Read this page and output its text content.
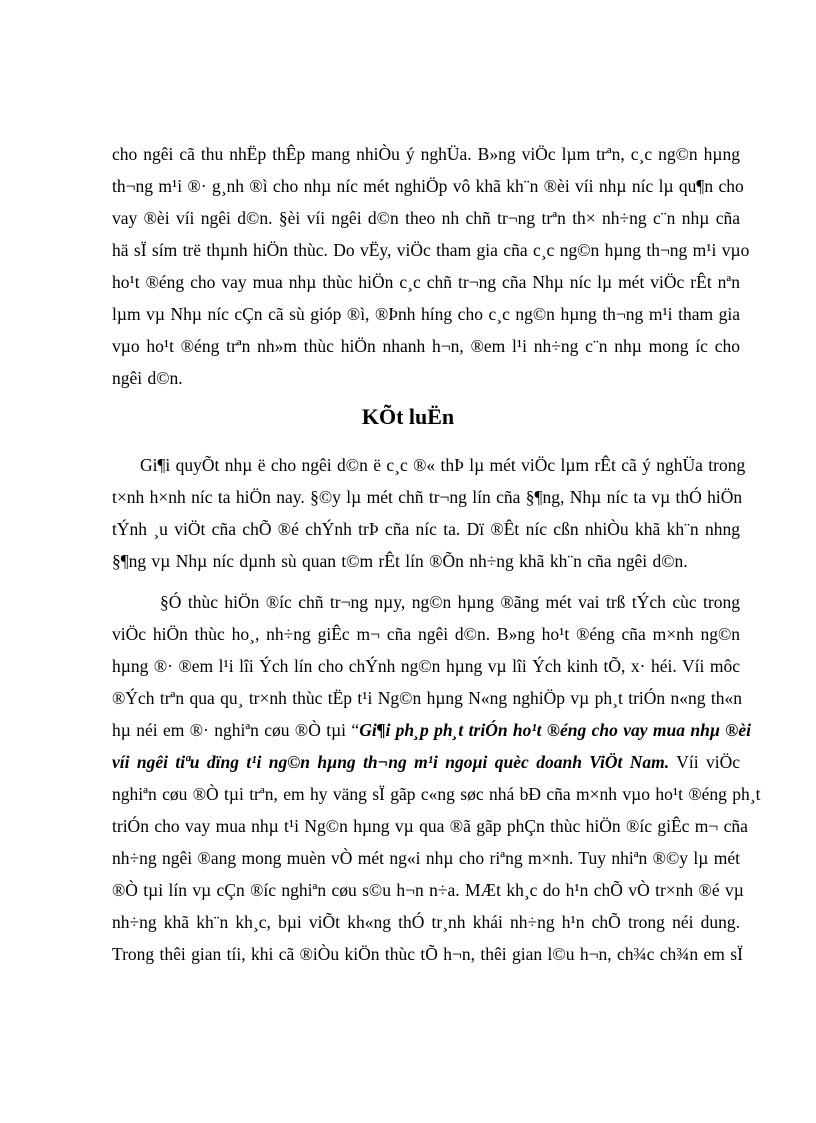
cho ngêi cã thu nhËp thÊp mang nhiÒu ý nghÜa. B»ng viÖc lµm trªn, c¸c ng©n hµng
th¬ng m¹i ®· g¸nh ®ì cho nhµ níc mét nghiÖp vô khã kh¨n ®èi víi nhµ níc lµ qu¶n cho
vay ®èi víi ngêi d©n. §èi víi ngêi d©n theo nh chñ tr¬ng trªn th× nh÷ng c¨n nhµ cña
hä sÏ sím trë thµnh hiÖn thùc. Do vËy, viÖc tham gia cña c¸c ng©n hµng th¬ng m¹i vµo
ho¹t ®éng cho vay mua nhµ thùc hiÖn c¸c chñ tr¬ng cña Nhµ níc lµ mét viÖc rÊt nªn
lµm vµ Nhµ níc cÇn cã sù gióp ®ì, ®Þnh híng cho c¸c ng©n hµng th¬ng m¹i tham gia
vµo ho¹t ®éng trªn nh»m thùc hiÖn nhanh h¬n, ®em l¹i nh÷ng c¨n nhµ mong íc cho
ngêi d©n.
KÕt luËn
Gi¶i quyÕt nhµ ë cho ngêi d©n ë c¸c ®« thÞ lµ mét viÖc lµm rÊt cã ý nghÜa trong
t×nh h×nh níc ta hiÖn nay. §©y lµ mét chñ tr¬ng lín cña §¶ng, Nhµ níc ta vµ thÓ hiÖn
tÝnh ¸u viÖt cña chÕ ®é chÝnh trÞ cña níc ta. Dï ®Êt níc cßn nhiÒu khã kh¨n nhng
§¶ng vµ Nhµ níc dµnh sù quan t©m rÊt lín ®Õn nh÷ng khã kh¨n cña ngêi d©n.
§Ó thùc hiÖn ®íc chñ tr¬ng nµy, ng©n hµng ®ãng mét vai trß tÝch cùc trong
viÖc hiÖn thùc ho¸, nh÷ng giÊc m¬ cña ngêi d©n. B»ng ho¹t ®éng cña m×nh ng©n
hµng ®· ®em l¹i lîi Ých lín cho chÝnh ng©n hµng vµ lîi Ých kinh tÕ, x· héi. Víi môc
®Ých trªn qua qu¸ tr×nh thùc tËp t¹i Ng©n hµng N«ng nghiÖp vµ ph¸t triÓn n«ng th«n
hµ néi em ®· nghiªn cøu ®Ò tµi “Gi¶i ph¸p ph¸t triÓn ho¹t ®éng cho vay mua nhµ ®èi
víi ngêi tiªu dïng t¹i ng©n hµng th¬ng m¹i ngoµi quèc doanh ViÖt Nam. Víi viÖc
nghiªn cøu ®Ò tµi trªn, em hy väng sÏ gãp c«ng søc nhá bÐ cña m×nh vµo ho¹t ®éng ph¸t
triÓn cho vay mua nhµ t¹i Ng©n hµng vµ qua ®ã gãp phÇn thùc hiÖn ®íc giÊc m¬ cña
nh÷ng ngêi ®ang mong muèn vÒ mét ng«i nhµ cho riªng m×nh. Tuy nhiªn ®©y lµ mét
®Ò tµi lín vµ cÇn ®íc nghiªn cøu s©u h¬n n÷a. MÆt kh¸c do h¹n chÕ vÒ tr×nh ®é vµ
nh÷ng khã kh¨n kh¸c, bµi viÕt kh«ng thÓ tr¸nh khái nh÷ng h¹n chÕ trong néi dung.
Trong thêi gian tíi, khi cã ®iÒu kiÖn thùc tÕ h¬n, thêi gian l©u h¬n, ch¾c ch¾n em sÏ
